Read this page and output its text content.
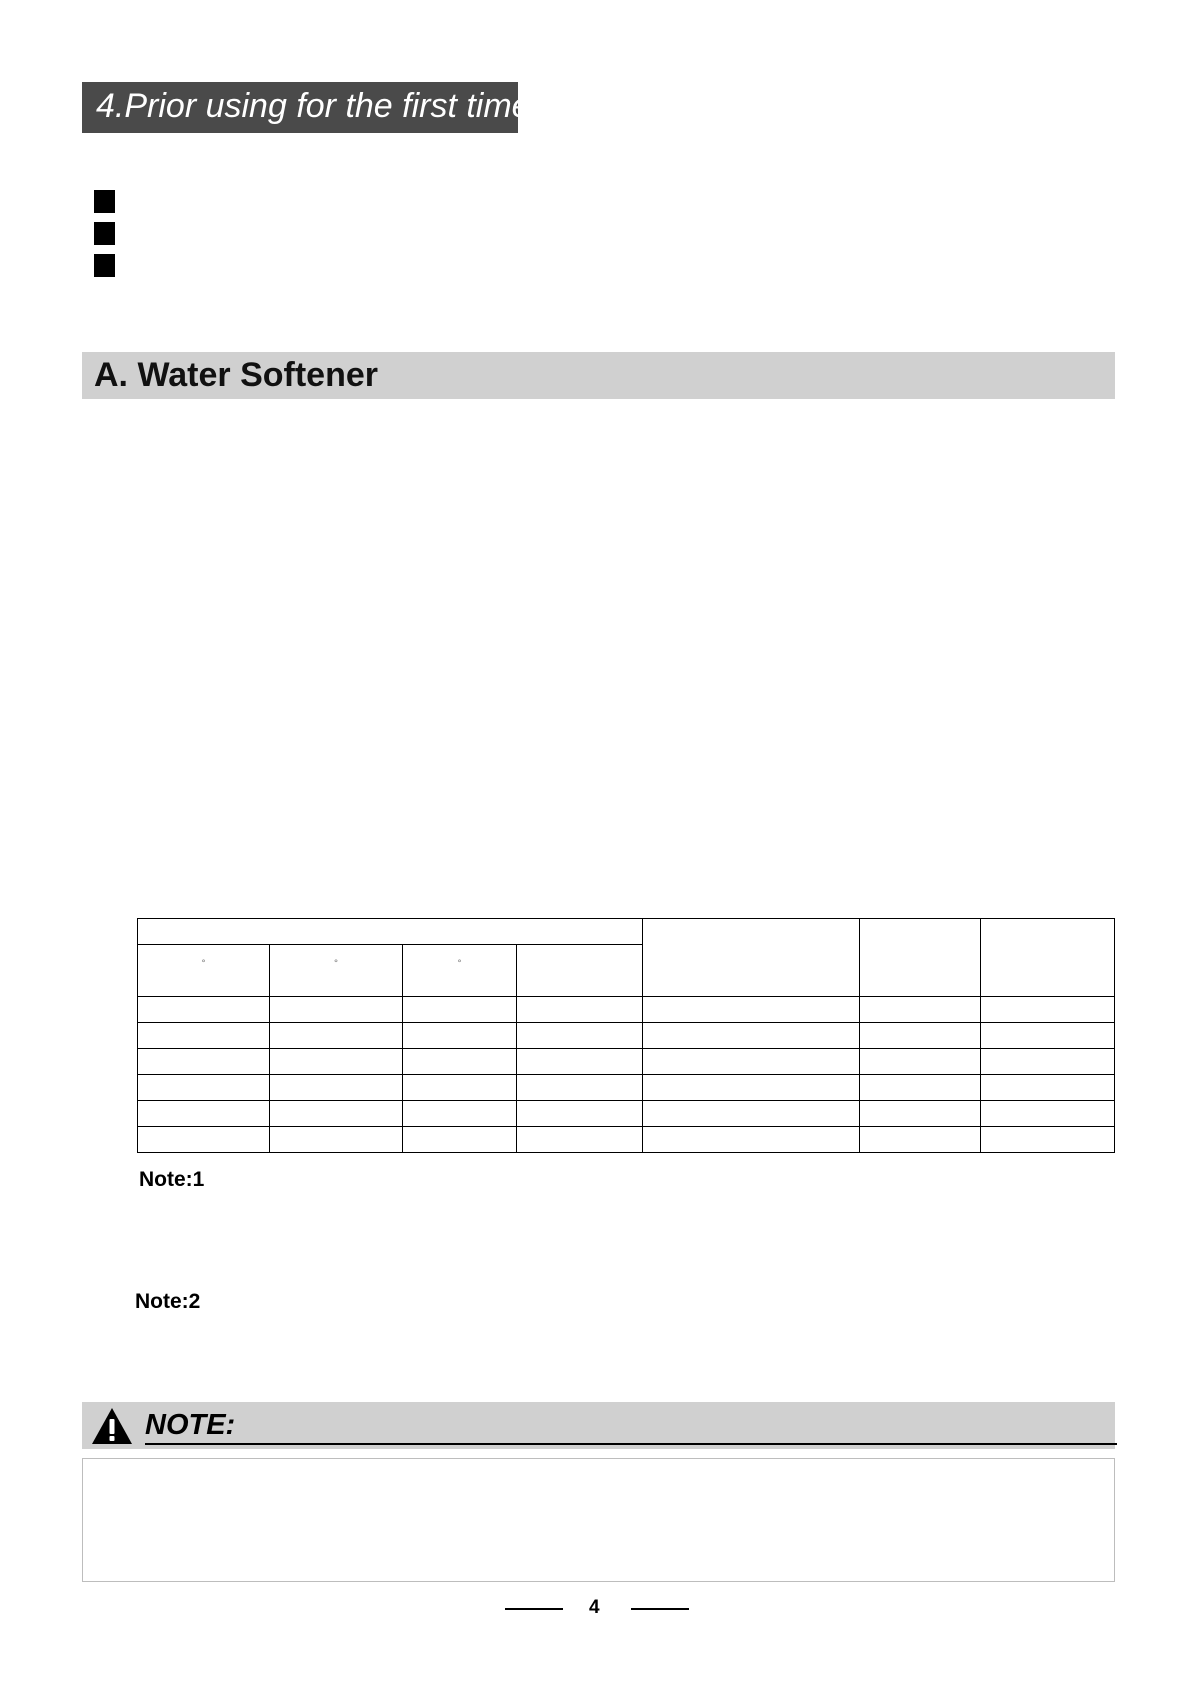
4.Prior using for the first time
A. Water Softener

°	°	°				

Note:1
Note:2
NOTE:
4
